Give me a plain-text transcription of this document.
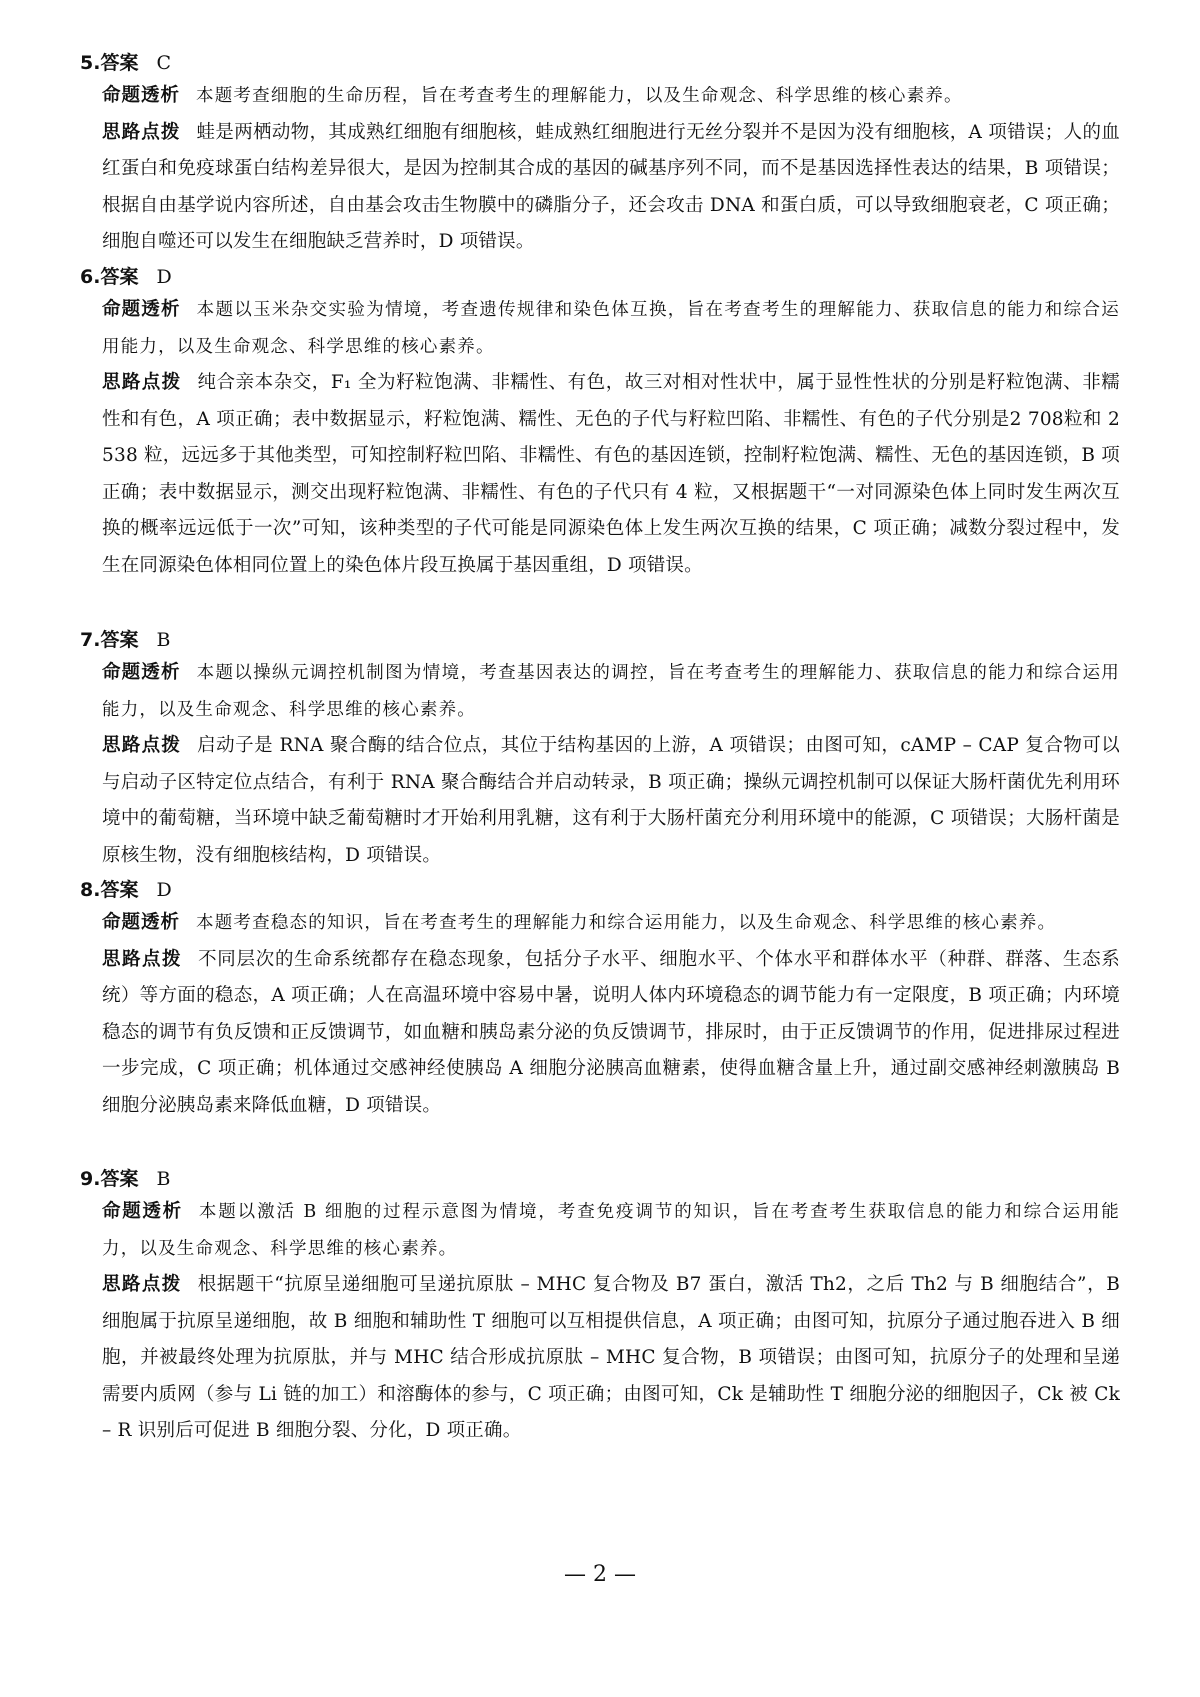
5.答案 C
命题透析 本题考查细胞的生命历程，旨在考查考生的理解能力，以及生命观念、科学思维的核心素养。
思路点拨 蛙是两栖动物，其成熟红细胞有细胞核，蛙成熟红细胞进行无丝分裂并不是因为没有细胞核，A 项错误；人的血红蛋白和免疫球蛋白结构差异很大，是因为控制其合成的基因的碱基序列不同，而不是基因选择性表达的结果，B 项错误；根据自由基学说内容所述，自由基会攻击生物膜中的磷脂分子，还会攻击 DNA 和蛋白质，可以导致细胞衰老，C 项正确；细胞自噬还可以发生在细胞缺乏营养时，D 项错误。
6.答案 D
命题透析 本题以玉米杂交实验为情境，考查遗传规律和染色体互换，旨在考查考生的理解能力、获取信息的能力和综合运用能力，以及生命观念、科学思维的核心素养。
思路点拨 纯合亲本杂交，F₁ 全为籽粒饱满、非糯性、有色，故三对相对性状中，属于显性性状的分别是籽粒饱满、非糯性和有色，A 项正确；表中数据显示，籽粒饱满、糯性、无色的子代与籽粒凹陷、非糯性、有色的子代分别是2 708粒和 2 538 粒，远远多于其他类型，可知控制籽粒凹陷、非糯性、有色的基因连锁，控制籽粒饱满、糯性、无色的基因连锁，B 项正确；表中数据显示，测交出现籽粒饱满、非糯性、有色的子代只有 4 粒，又根据题干“一对同源染色体上同时发生两次互换的概率远远低于一次”可知，该种类型的子代可能是同源染色体上发生两次互换的结果，C 项正确；减数分裂过程中，发生在同源染色体相同位置上的染色体片段互换属于基因重组，D 项错误。
7.答案 B
命题透析 本题以操纵元调控机制图为情境，考查基因表达的调控，旨在考查考生的理解能力、获取信息的能力和综合运用能力，以及生命观念、科学思维的核心素养。
思路点拨 启动子是 RNA 聚合酶的结合位点，其位于结构基因的上游，A 项错误；由图可知，cAMP – CAP 复合物可以与启动子区特定位点结合，有利于 RNA 聚合酶结合并启动转录，B 项正确；操纵元调控机制可以保证大肠杆菌优先利用环境中的葡萄糖，当环境中缺乏葡萄糖时才开始利用乳糖，这有利于大肠杆菌充分利用环境中的能源，C 项错误；大肠杆菌是原核生物，没有细胞核结构，D 项错误。
8.答案 D
命题透析 本题考查稳态的知识，旨在考查考生的理解能力和综合运用能力，以及生命观念、科学思维的核心素养。
思路点拨 不同层次的生命系统都存在稳态现象，包括分子水平、细胞水平、个体水平和群体水平（种群、群落、生态系统）等方面的稳态，A 项正确；人在高温环境中容易中暑，说明人体内环境稳态的调节能力有一定限度，B 项正确；内环境稳态的调节有负反馈和正反馈调节，如血糖和胰岛素分泌的负反馈调节，排尿时，由于正反馈调节的作用，促进排尿过程进一步完成，C 项正确；机体通过交感神经使胰岛 A 细胞分泌胰高血糖素，使得血糖含量上升，通过副交感神经刺激胰岛 B 细胞分泌胰岛素来降低血糖，D 项错误。
9.答案 B
命题透析 本题以激活 B 细胞的过程示意图为情境，考查免疫调节的知识，旨在考查考生获取信息的能力和综合运用能力，以及生命观念、科学思维的核心素养。
思路点拨 根据题干“抗原呈递细胞可呈递抗原肽 – MHC 复合物及 B7 蛋白，激活 Th2，之后 Th2 与 B 细胞结合”，B 细胞属于抗原呈递细胞，故 B 细胞和辅助性 T 细胞可以互相提供信息，A 项正确；由图可知，抗原分子通过胞吞进入 B 细胞，并被最终处理为抗原肽，并与 MHC 结合形成抗原肽 – MHC 复合物，B 项错误；由图可知，抗原分子的处理和呈递需要内质网（参与 Li 链的加工）和溶酶体的参与，C 项正确；由图可知，Ck 是辅助性 T 细胞分泌的细胞因子，Ck 被 Ck – R 识别后可促进 B 细胞分裂、分化，D 项正确。
— 2 —
